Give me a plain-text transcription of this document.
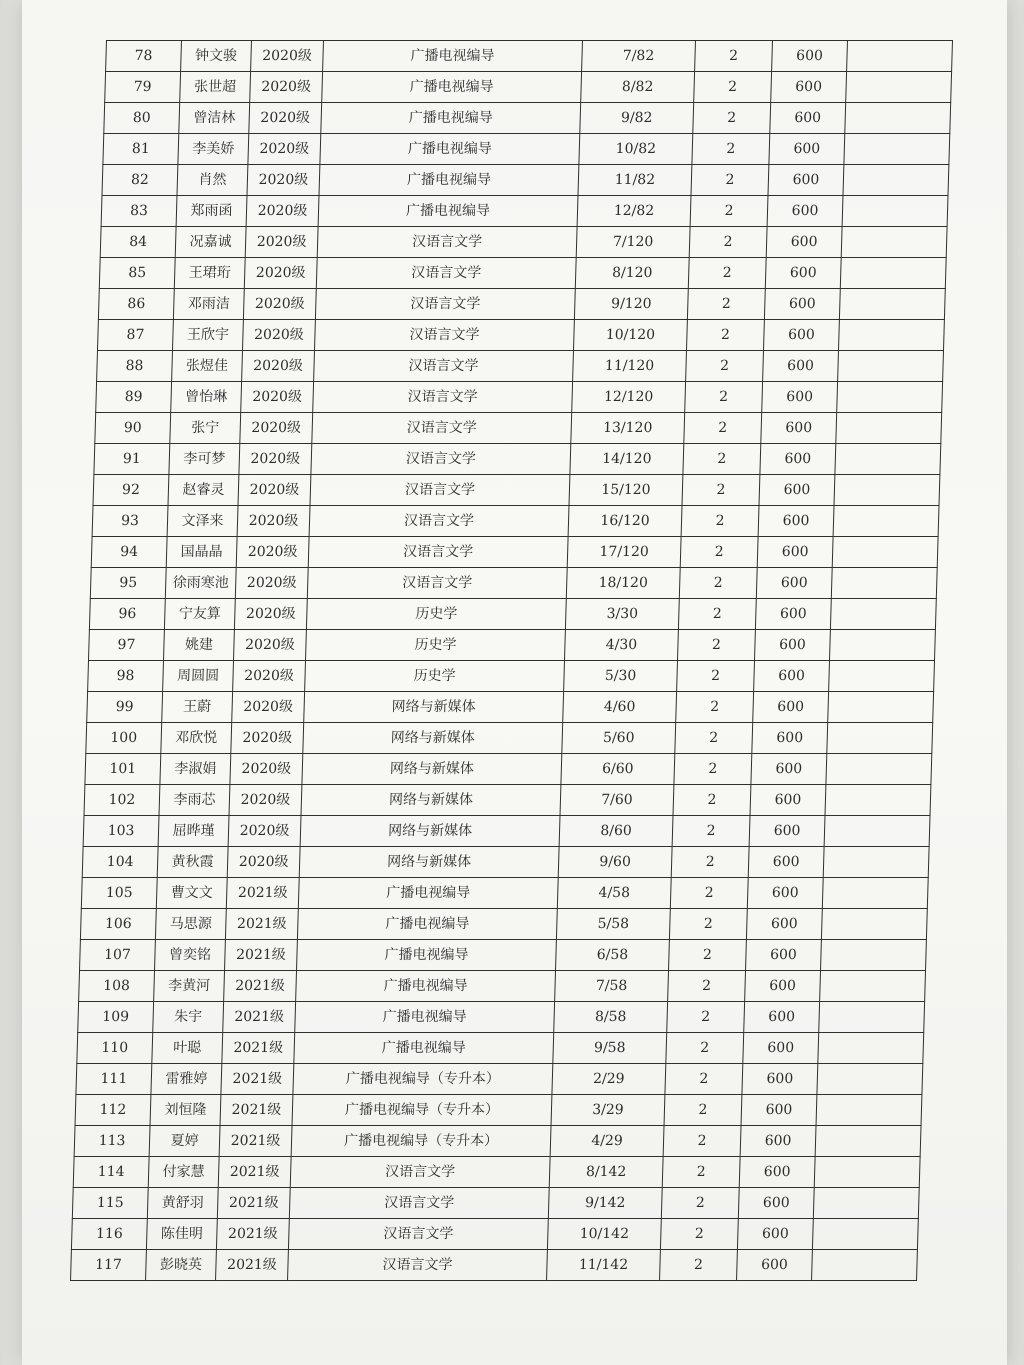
78	钟文骏	2020级	广播电视编导	7/82	2	600	
79	张世超	2020级	广播电视编导	8/82	2	600	
80	曾洁林	2020级	广播电视编导	9/82	2	600	
81	李美娇	2020级	广播电视编导	10/82	2	600	
82	肖然	2020级	广播电视编导	11/82	2	600	
83	郑雨函	2020级	广播电视编导	12/82	2	600	
84	况嘉诚	2020级	汉语言文学	7/120	2	600	
85	王珺珩	2020级	汉语言文学	8/120	2	600	
86	邓雨洁	2020级	汉语言文学	9/120	2	600	
87	王欣宇	2020级	汉语言文学	10/120	2	600	
88	张煜佳	2020级	汉语言文学	11/120	2	600	
89	曾怡琳	2020级	汉语言文学	12/120	2	600	
90	张宁	2020级	汉语言文学	13/120	2	600	
91	李可梦	2020级	汉语言文学	14/120	2	600	
92	赵睿灵	2020级	汉语言文学	15/120	2	600	
93	文泽来	2020级	汉语言文学	16/120	2	600	
94	国晶晶	2020级	汉语言文学	17/120	2	600	
95	徐雨寒池	2020级	汉语言文学	18/120	2	600	
96	宁友算	2020级	历史学	3/30	2	600	
97	姚建	2020级	历史学	4/30	2	600	
98	周圆圆	2020级	历史学	5/30	2	600	
99	王蔚	2020级	网络与新媒体	4/60	2	600	
100	邓欣悦	2020级	网络与新媒体	5/60	2	600	
101	李淑娟	2020级	网络与新媒体	6/60	2	600	
102	李雨芯	2020级	网络与新媒体	7/60	2	600	
103	屈晔瑾	2020级	网络与新媒体	8/60	2	600	
104	黄秋霞	2020级	网络与新媒体	9/60	2	600	
105	曹文文	2021级	广播电视编导	4/58	2	600	
106	马思源	2021级	广播电视编导	5/58	2	600	
107	曾奕铭	2021级	广播电视编导	6/58	2	600	
108	李黄河	2021级	广播电视编导	7/58	2	600	
109	朱宇	2021级	广播电视编导	8/58	2	600	
110	叶聪	2021级	广播电视编导	9/58	2	600	
111	雷雅婷	2021级	广播电视编导（专升本）	2/29	2	600	
112	刘恒隆	2021级	广播电视编导（专升本）	3/29	2	600	
113	夏婷	2021级	广播电视编导（专升本）	4/29	2	600	
114	付家慧	2021级	汉语言文学	8/142	2	600	
115	黄舒羽	2021级	汉语言文学	9/142	2	600	
116	陈佳明	2021级	汉语言文学	10/142	2	600	
117	彭晓英	2021级	汉语言文学	11/142	2	600	
